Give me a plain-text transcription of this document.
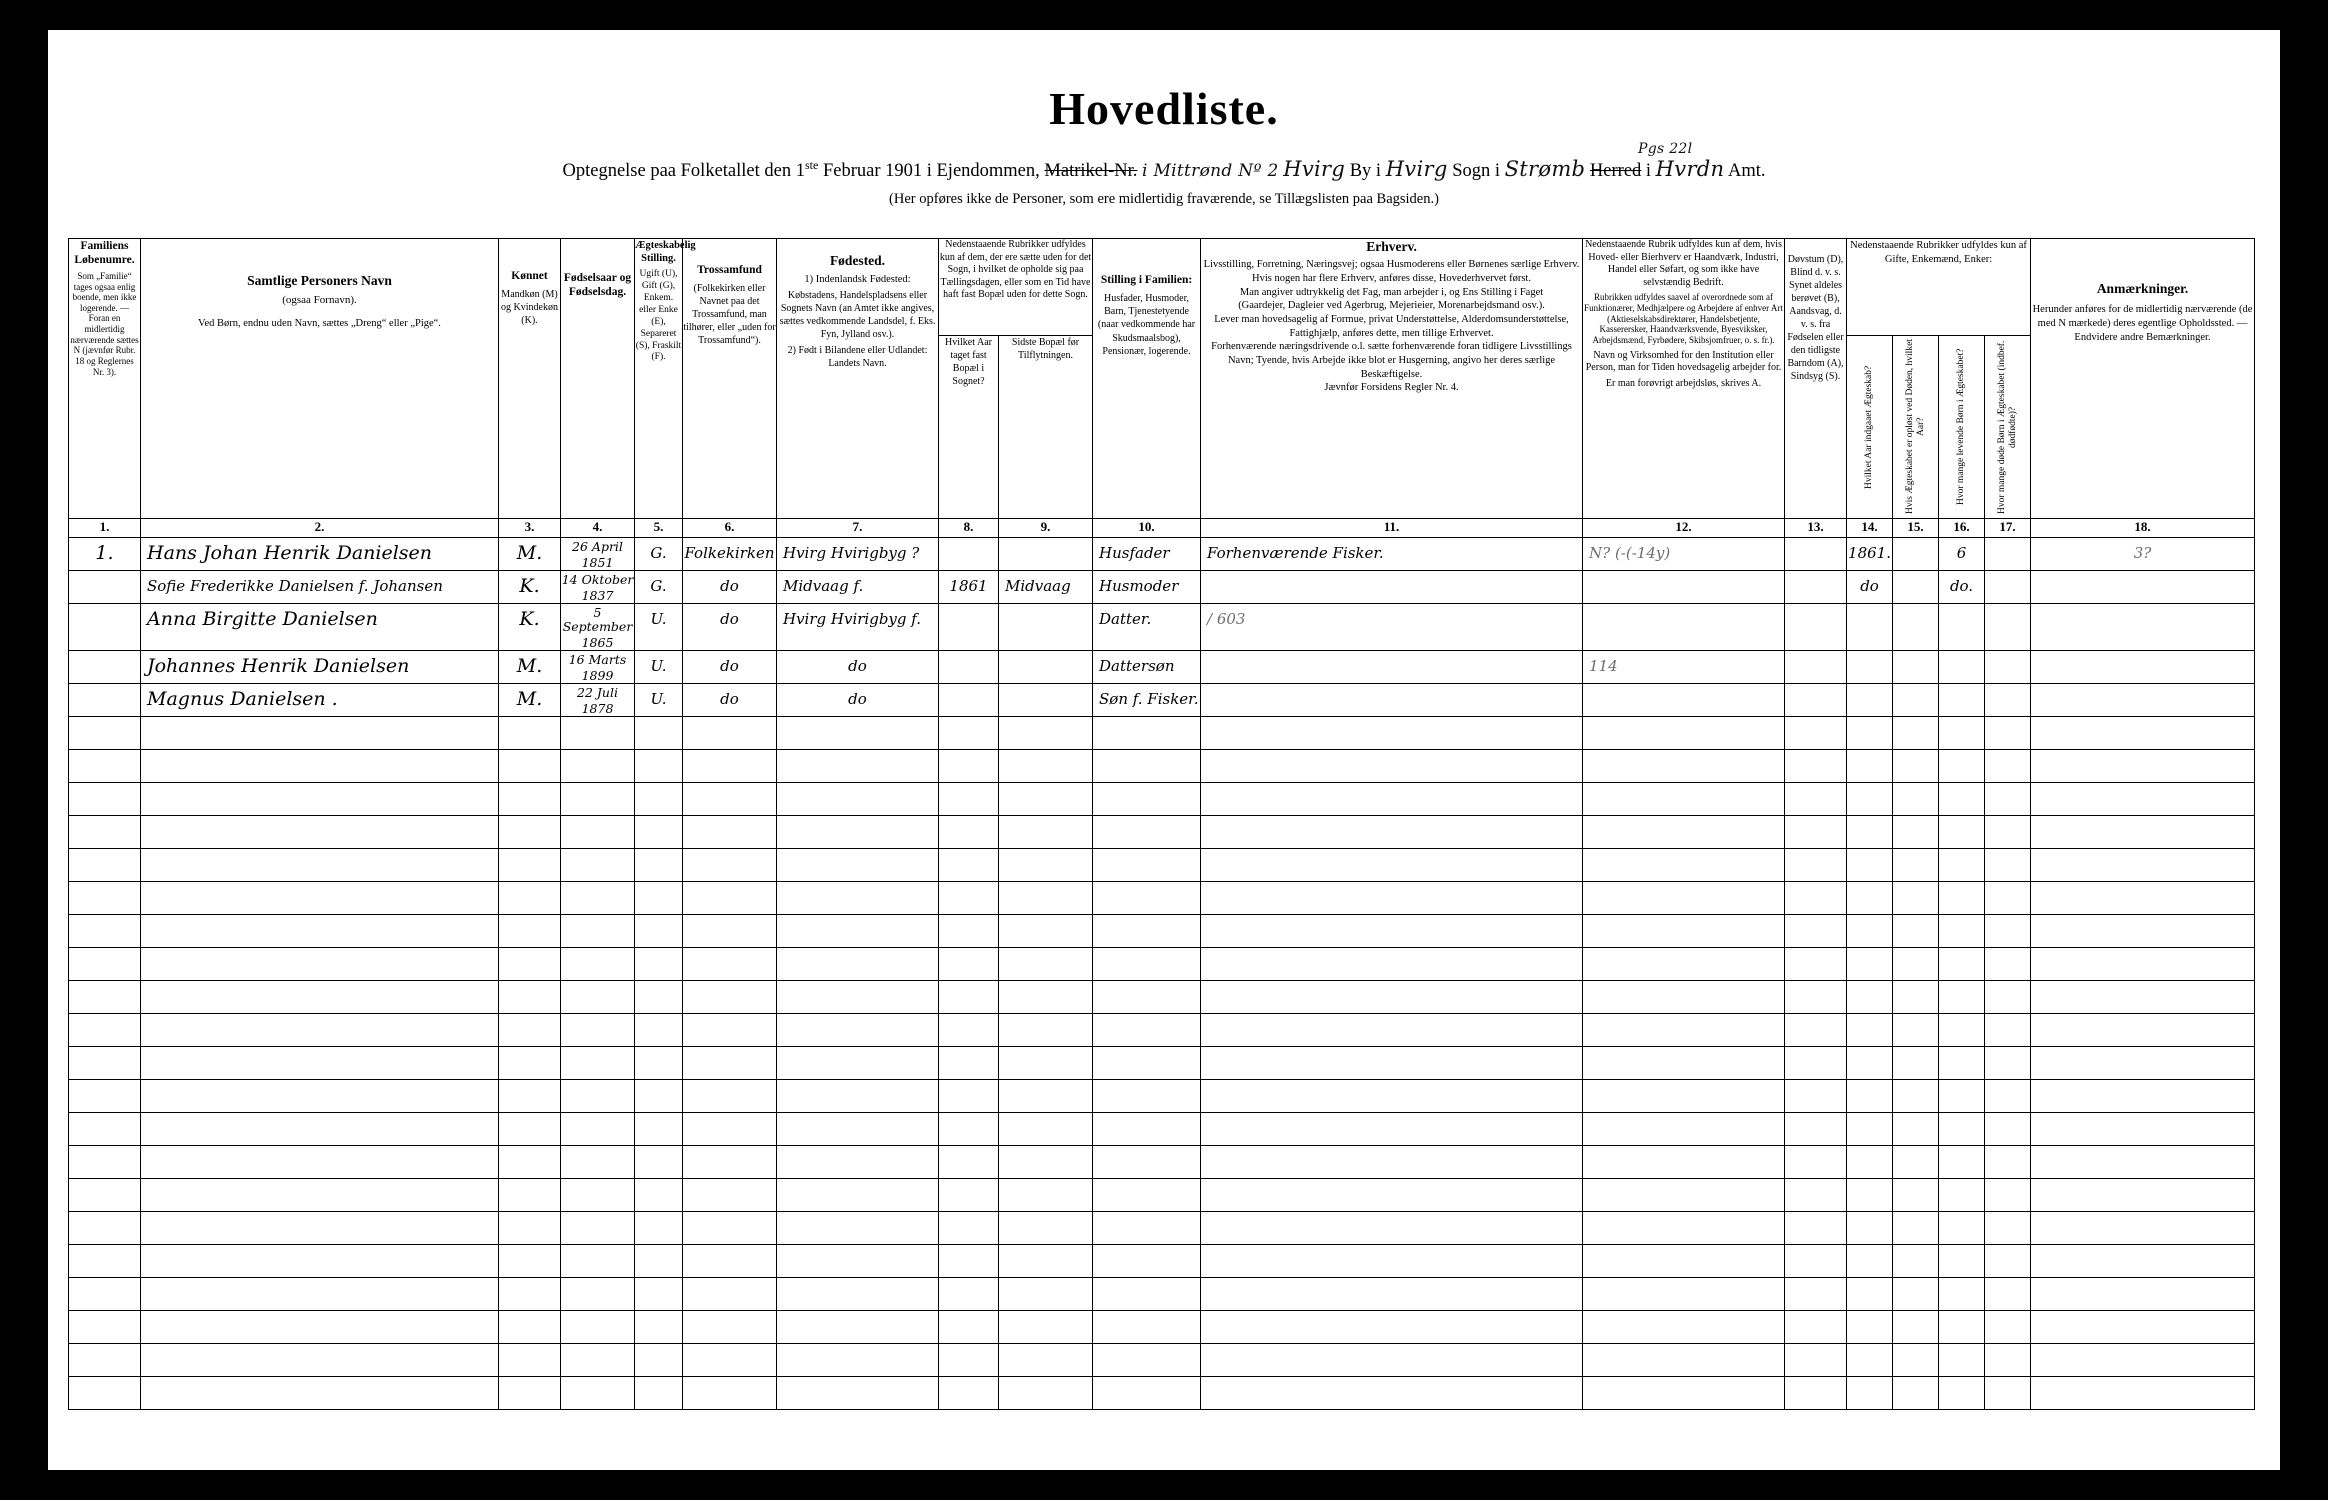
Hovedliste.
Optegnelse paa Folketallet den 1ste Februar 1901 i Ejendommen, Matrikel-Nr. i Mittrønd Nº 2 Hvirg By i Hvirg Sogn i Strømb Herred i Hvrdn Amt.
Pgs 22l
(Her opføres ikke de Personer, som ere midlertidig fraværende, se Tillægslisten paa Bagsiden.)
Familiens Løbenumre.
Som „Familie“ tages ogsaa enlig boende, men ikke logerende. — Foran en midlertidig nærværende sættes N (jævnfør Rubr. 18 og Reglernes Nr. 3).

Samtlige Personers Navn
(ogsaa Fornavn).
Ved Børn, endnu uden Navn, sættes „Dreng“ eller „Pige“.

Kønnet
Mandkøn (M) og Kvindekøn (K).

Fødselsaar og Fødselsdag.

Ægteskabelig Stilling.
Ugift (U), Gift (G), Enkem. eller Enke (E), Separeret (S), Fraskilt (F).

Trossamfund
(Folkekirken eller Navnet paa det Trossamfund, man tilhører, eller „uden for Trossamfund“).

Fødested.
1) Indenlandsk Fødested:
Købstadens, Handelspladsens eller Sognets Navn (an Amtet ikke angives, sættes vedkommende Landsdel, f. Eks. Fyn, Jylland osv.).
2) Født i Bilandene eller Udlandet: Landets Navn.

Nedenstaaende Rubrikker udfyldes kun af dem, der ere sætte uden for det Sogn, i hvilket de opholde sig paa Tællingsdagen, eller som en Tid have haft fast Bopæl uden for dette Sogn.

Stilling i Familien:
Husfader, Husmoder, Barn, Tjenestetyende (naar vedkommende har Skudsmaalsbog), Pensionær, logerende.

Erhverv.
Livsstilling, Forretning, Næringsvej; ogsaa Husmoderens eller Børnenes særlige Erhverv.
Hvis nogen har flere Erhverv, anføres disse, Hovederhvervet først.
Man angiver udtrykkelig det Fag, man arbejder i, og Ens Stilling i Faget
(Gaardejer, Dagleier ved Agerbrug, Mejerieier, Morenarbejdsmand osv.).
Lever man hovedsagelig af Formue, privat Understøttelse, Alderdomsunderstøttelse, Fattighjælp, anføres dette, men tillige Erhvervet.
Forhenværende næringsdrivende o.l. sætte forhenværende foran tidligere Livsstillings Navn; Tyende, hvis Arbejde ikke blot er Husgerning, angivo her deres særlige Beskæftigelse.
Jævnfør Forsidens Regler Nr. 4.

Nedenstaaende Rubrik udfyldes kun af dem, hvis Hoved- eller Bierhverv er Haandværk, Industri, Handel eller Søfart, og som ikke have selvstændig Bedrift.
Rubrikken udfyldes saavel af overordnede som af Funktionærer, Medhjælpere og Arbejdere af enhver Art (Aktieselskabsdirektører, Handelsbetjente, Kasserersker, Haandværksvende, Byesviksker, Arbejdsmænd, Fyrbødere, Skibsjomfruer, o. s. fr.).
Navn og Virksomhed for den Institution eller Person, man for Tiden hovedsagelig arbejder for.
Er man forøvrigt arbejdsløs, skrives A.

Døvstum (D), Blind d. v. s. Synet aldeles berøvet (B), Aandsvag, d. v. s. fra Fødselen eller den tidligste Barndom (A), Sindsyg (S).

Nedenstaaende Rubrikker udfyldes kun af Gifte, Enkemænd, Enker:

Anmærkninger.
Herunder anføres for de midlertidig nærværende (de med N mærkede) deres egentlige Opholdssted. — Endvidere andre Bemærkninger.

							Hvilket Aar taget fast Bopæl i Sognet?	Sidste Bopæl før Tilflytningen.					Hvilket Aar indgaaet Ægteskab?	Hvis Ægteskabet er opløst ved Døden, hvilket Aar?	Hvor mange levende Børn i Ægteskabet?	Hvor mange døde Børn i Ægteskabet (indbef. dødfødte)?	

1.	2.	3.	4.	5.	6.	7.	8.	9.	10.	11.	12.	13.	14.	15.	16.	17.	18.

1.	Hans Johan Henrik Danielsen	M.	26 April
1851	G.	Folkekirken	Hvirg Hvirigbyg ?			Husfader	Forhenværende Fisker.	N? (-(-14y)		1861.		6		3?

	Sofie Frederikke Danielsen f. Johansen	K.	14 Oktober
1837	G.	do	Midvaag f.	1861	Midvaag	Husmoder				do		do.		

	Anna Birgitte Danielsen	K.	5 September
1865	U.	do	Hvirg Hvirigbyg f.			Datter.	/ 603							

	Johannes Henrik Danielsen	M.	16 Marts
1899	U.	do	do			Dattersøn		114						

	Magnus Danielsen .	M.	22 Juli
1878	U.	do	do			Søn f. Fisker.								
